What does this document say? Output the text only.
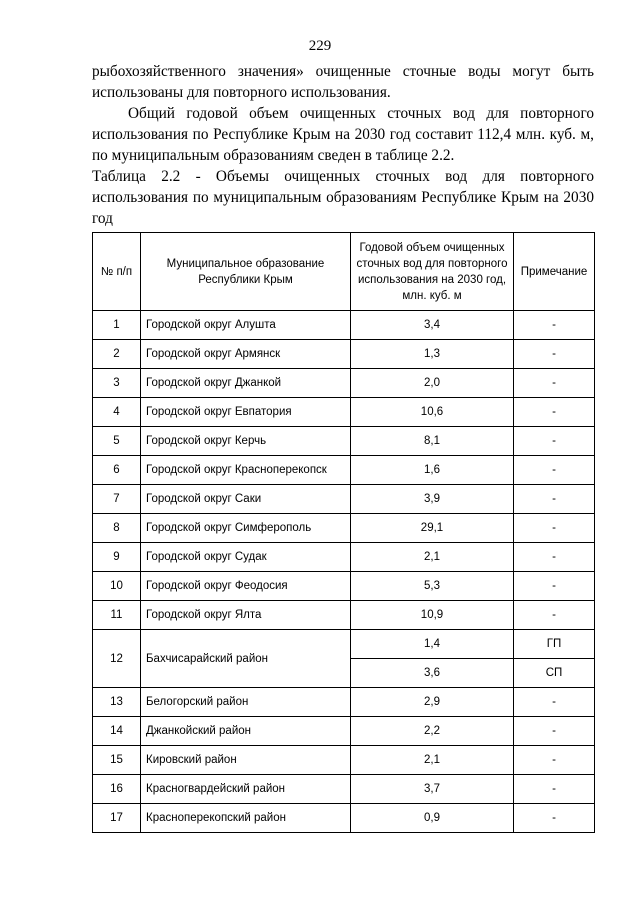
229

рыбохозяйственного значения» очищенные сточные воды могут быть использованы для повторного использования.

Общий годовой объем очищенных сточных вод для повторного использования по Республике Крым на 2030 год составит 112,4 млн. куб. м, по муниципальным образованиям сведен в таблице 2.2.

Таблица 2.2 - Объемы очищенных сточных вод для повторного использования по муниципальным образованиям Республике Крым на 2030 год

№ п/п	Муниципальное образование Республики Крым	Годовой объем очищенных сточных вод для повторного использования на 2030 год, млн. куб. м	Примечание
1	Городской округ Алушта	3,4	-
2	Городской округ Армянск	1,3	-
3	Городской округ Джанкой	2,0	-
4	Городской округ Евпатория	10,6	-
5	Городской округ Керчь	8,1	-
6	Городской округ Красноперекопск	1,6	-
7	Городской округ Саки	3,9	-
8	Городской округ Симферополь	29,1	-
9	Городской округ Судак	2,1	-
10	Городской округ Феодосия	5,3	-
11	Городской округ Ялта	10,9	-
12	Бахчисарайский район	1,4	ГП
		3,6	СП
13	Белогорский район	2,9	-
14	Джанкойский район	2,2	-
15	Кировский район	2,1	-
16	Красногвардейский район	3,7	-
17	Красноперекопский район	0,9	-
